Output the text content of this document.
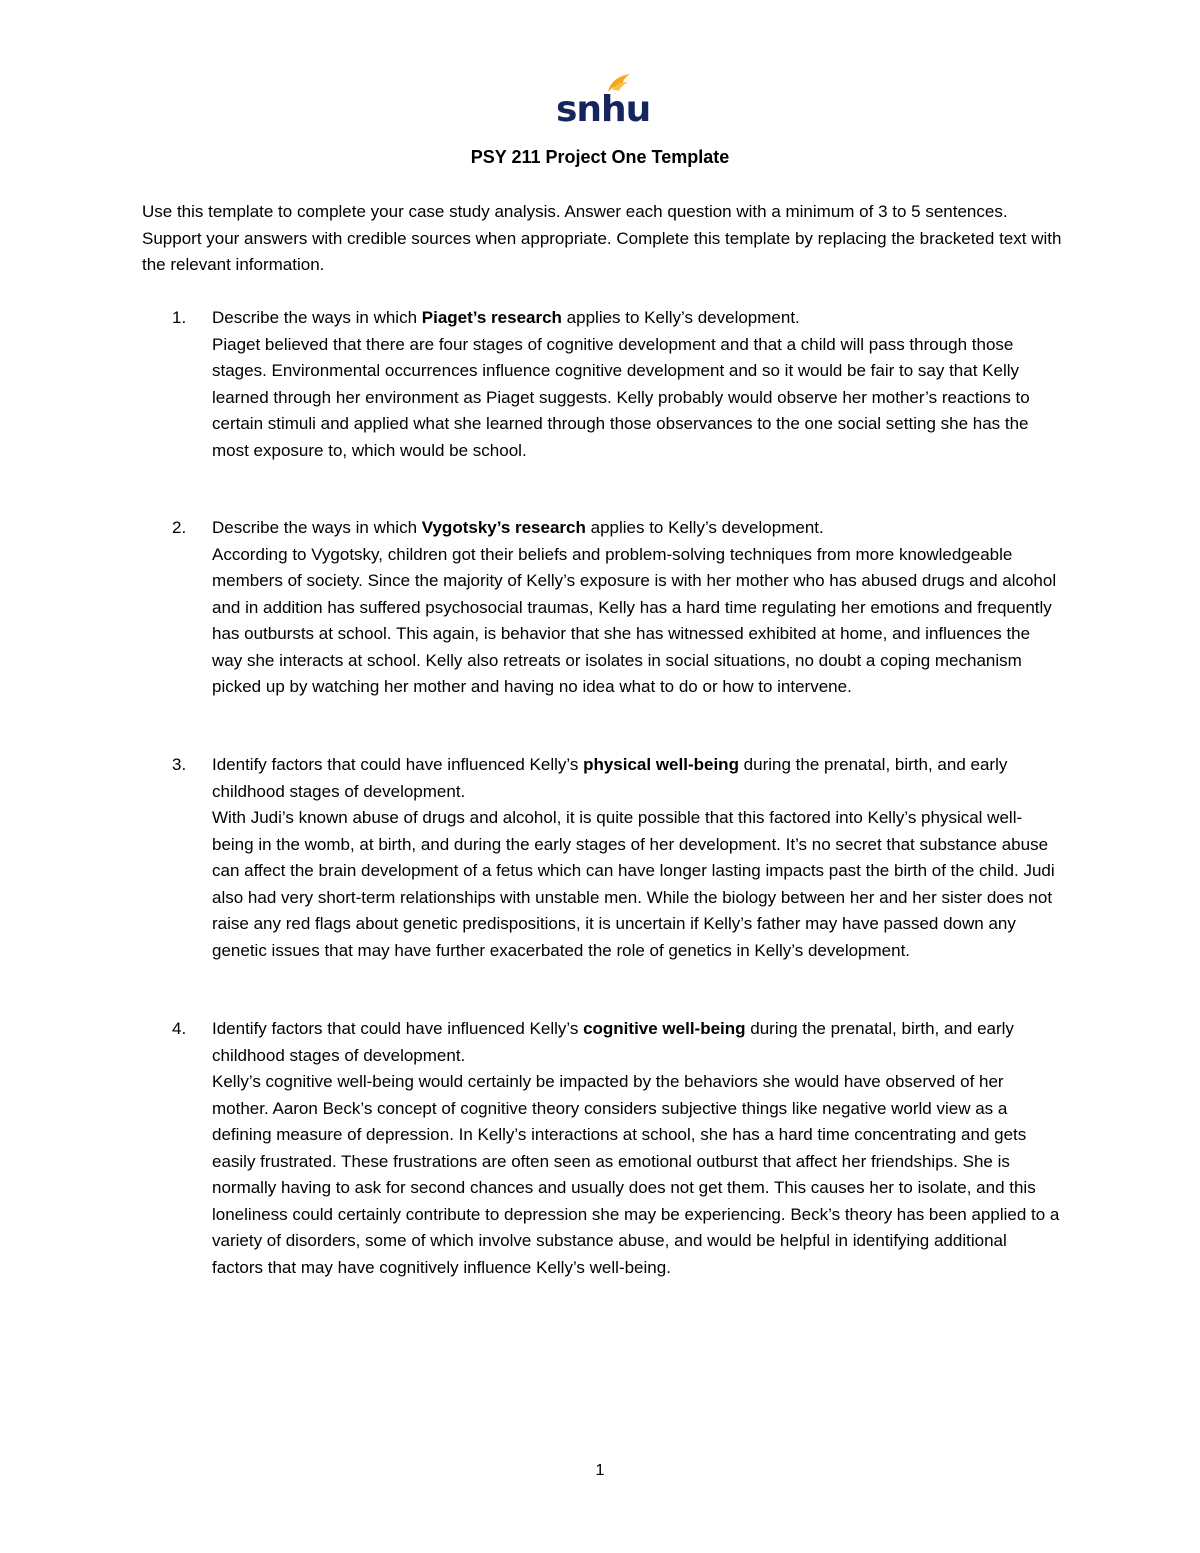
snhu
PSY 211 Project One Template
Use this template to complete your case study analysis. Answer each question with a minimum of 3 to 5 sentences. Support your answers with credible sources when appropriate. Complete this template by replacing the bracketed text with the relevant information.
1.	Describe the ways in which Piaget’s research applies to Kelly’s development.
Piaget believed that there are four stages of cognitive development and that a child will pass through those stages. Environmental occurrences influence cognitive development and so it would be fair to say that Kelly learned through her environment as Piaget suggests. Kelly probably would observe her mother’s reactions to certain stimuli and applied what she learned through those observances to the one social setting she has the most exposure to, which would be school.
2.	Describe the ways in which Vygotsky’s research applies to Kelly’s development.
According to Vygotsky, children got their beliefs and problem-solving techniques from more knowledgeable members of society. Since the majority of Kelly’s exposure is with her mother who has abused drugs and alcohol and in addition has suffered psychosocial traumas, Kelly has a hard time regulating her emotions and frequently has outbursts at school. This again, is behavior that she has witnessed exhibited at home, and influences the way she interacts at school. Kelly also retreats or isolates in social situations, no doubt a coping mechanism picked up by watching her mother and having no idea what to do or how to intervene.
3.	Identify factors that could have influenced Kelly’s physical well-being during the prenatal, birth, and early childhood stages of development.
With Judi’s known abuse of drugs and alcohol, it is quite possible that this factored into Kelly’s physical well-being in the womb, at birth, and during the early stages of her development. It’s no secret that substance abuse can affect the brain development of a fetus which can have longer lasting impacts past the birth of the child. Judi also had very short-term relationships with unstable men. While the biology between her and her sister does not raise any red flags about genetic predispositions, it is uncertain if Kelly’s father may have passed down any genetic issues that may have further exacerbated the role of genetics in Kelly’s development.
4.	Identify factors that could have influenced Kelly’s cognitive well-being during the prenatal, birth, and early childhood stages of development.
Kelly’s cognitive well-being would certainly be impacted by the behaviors she would have observed of her mother. Aaron Beck’s concept of cognitive theory considers subjective things like negative world view as a defining measure of depression. In Kelly’s interactions at school, she has a hard time concentrating and gets easily frustrated. These frustrations are often seen as emotional outburst that affect her friendships. She is normally having to ask for second chances and usually does not get them. This causes her to isolate, and this loneliness could certainly contribute to depression she may be experiencing. Beck’s theory has been applied to a variety of disorders, some of which involve substance abuse, and would be helpful in identifying additional factors that may have cognitively influence Kelly’s well-being.
1
